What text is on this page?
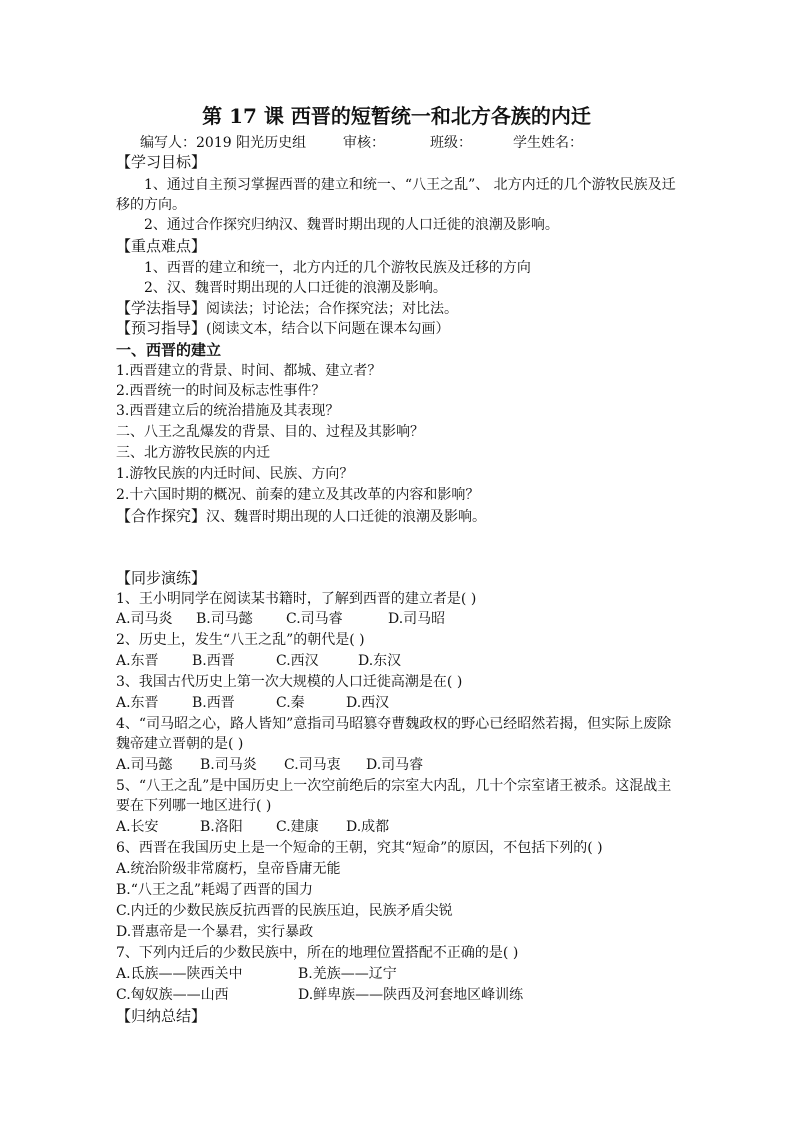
第 17 课 西晋的短暂统一和北方各族的内迁
编写人：2019 阳光历史组	审核：	班级：	学生姓名：
【学习目标】
1、通过自主预习掌握西晋的建立和统一、“八王之乱”、 北方内迁的几个游牧民族及迁
移的方向。
2、通过合作探究归纳汉、魏晋时期出现的人口迁徙的浪潮及影响。
【重点难点】
1、西晋的建立和统一，北方内迁的几个游牧民族及迁移的方向
2、汉、魏晋时期出现的人口迁徙的浪潮及影响。
【学法指导】阅读法；讨论法；合作探究法；对比法。
【预习指导】(阅读文本，结合以下问题在课本勾画）
一、西晋的建立
1.西晋建立的背景、时间、都城、建立者？
2.西晋统一的时间及标志性事件？
3.西晋建立后的统治措施及其表现？
二、八王之乱爆发的背景、目的、过程及其影响？
三、北方游牧民族的内迁
1.游牧民族的内迁时间、民族、方向？
2.十六国时期的概况、前秦的建立及其改革的内容和影响？
【合作探究】汉、魏晋时期出现的人口迁徙的浪潮及影响。
【同步演练】
1、王小明同学在阅读某书籍时，了解到西晋的建立者是( )
A.司马炎 B.司马懿 C.司马睿	D.司马昭
2、历史上，发生“八王之乱”的朝代是( )
A.东晋 B.西晋	C.西汉	D.东汉
3、我国古代历史上第一次大规模的人口迁徙高潮是在( )
A.东晋 B.西晋	C.秦	D.西汉
4、“司马昭之心，路人皆知”意指司马昭篡夺曹魏政权的野心已经昭然若揭，但实际上废除
魏帝建立晋朝的是( )
A.司马懿 B.司马炎 C.司马衷 D.司马睿
5、“八王之乱”是中国历史上一次空前绝后的宗室大内乱，几十个宗室诸王被杀。这混战主
要在下列哪一地区进行( )
A.长安	B.洛阳 C.建康 D.成都
6、西晋在我国历史上是一个短命的王朝，究其“短命”的原因，不包括下列的( )
A.统治阶级非常腐朽，皇帝昏庸无能
B.“八王之乱”耗竭了西晋的国力
C.内迁的少数民族反抗西晋的民族压迫，民族矛盾尖锐
D.晋惠帝是一个暴君，实行暴政
7、下列内迁后的少数民族中，所在的地理位置搭配不正确的是( )
A.氐族——陕西关中	B.羌族——辽宁
C.匈奴族——山西	D.鲜卑族——陕西及河套地区峰训练
【归纳总结】
